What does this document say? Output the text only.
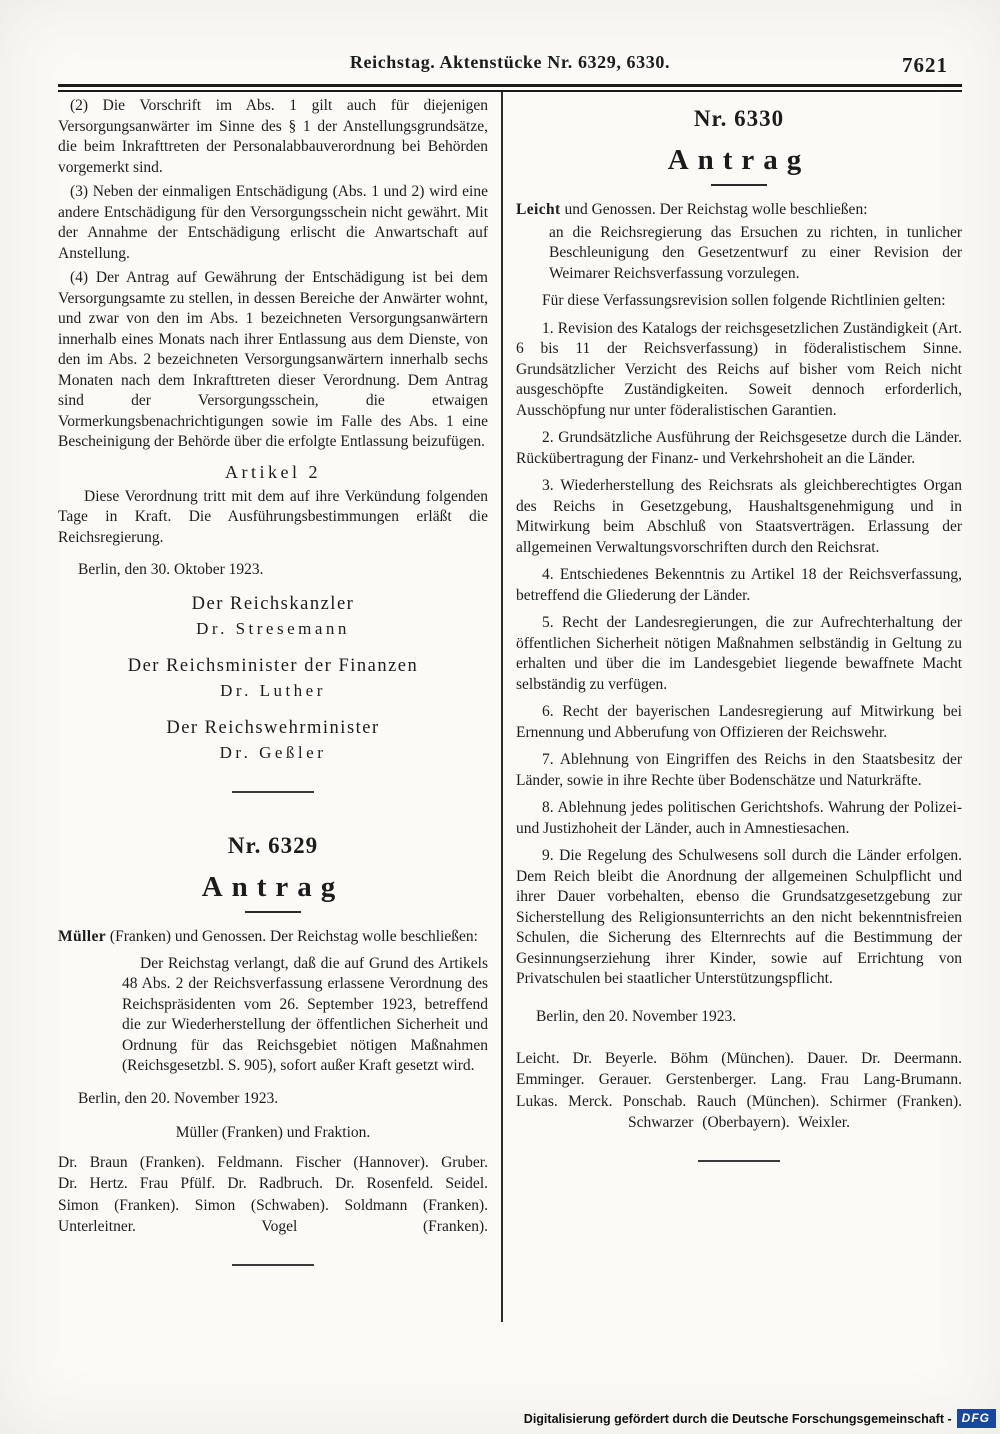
Reichstag. Aktenstücke Nr. 6329, 6330.	7621

(2) Die Vorschrift im Abs. 1 gilt auch für diejenigen Versorgungsanwärter im Sinne des § 1 der Anstellungsgrundsätze, die beim Inkrafttreten der Personalabbauverordnung bei Behörden vorgemerkt sind.

(3) Neben der einmaligen Entschädigung (Abs. 1 und 2) wird eine andere Entschädigung für den Versorgungsschein nicht gewährt. Mit der Annahme der Entschädigung erlischt die Anwartschaft auf Anstellung.

(4) Der Antrag auf Gewährung der Entschädigung ist bei dem Versorgungsamte zu stellen, in dessen Bereiche der Anwärter wohnt, und zwar von den im Abs. 1 bezeichneten Versorgungsanwärtern innerhalb eines Monats nach ihrer Entlassung aus dem Dienste, von den im Abs. 2 bezeichneten Versorgungsanwärtern innerhalb sechs Monaten nach dem Inkrafttreten dieser Verordnung. Dem Antrag sind der Versorgungsschein, die etwaigen Vormerkungsbenachrichtigungen sowie im Falle des Abs. 1 eine Bescheinigung der Behörde über die erfolgte Entlassung beizufügen.

Artikel 2

Diese Verordnung tritt mit dem auf ihre Verkündung folgenden Tage in Kraft. Die Ausführungsbestimmungen erläßt die Reichsregierung.

Berlin, den 30. Oktober 1923.

Der Reichskanzler
Dr. Stresemann
Der Reichsminister der Finanzen
Dr. Luther
Der Reichswehrminister
Dr. Geßler
Nr. 6329
Antrag

Müller (Franken) und Genossen. Der Reichstag wolle beschließen:

Der Reichstag verlangt, daß die auf Grund des Artikels 48 Abs. 2 der Reichsverfassung erlassene Verordnung des Reichspräsidenten vom 26. September 1923, betreffend die zur Wiederherstellung der öffentlichen Sicherheit und Ordnung für das Reichsgebiet nötigen Maßnahmen (Reichsgesetzbl. S. 905), sofort außer Kraft gesetzt wird.

Berlin, den 20. November 1923.

Müller (Franken) und Fraktion.

Dr. Braun (Franken). Feldmann. Fischer (Hannover). Gruber. Dr. Hertz. Frau Pfülf. Dr. Radbruch. Dr. Rosenfeld. Seidel. Simon (Franken). Simon (Schwaben). Soldmann (Franken). Unterleitner. Vogel (Franken).

Nr. 6330
Antrag

Leicht und Genossen. Der Reichstag wolle beschließen:

an die Reichsregierung das Ersuchen zu richten, in tunlicher Beschleunigung den Gesetzentwurf zu einer Revision der Weimarer Reichsverfassung vorzulegen.

Für diese Verfassungsrevision sollen folgende Richtlinien gelten:

1. Revision des Katalogs der reichsgesetzlichen Zuständigkeit (Art. 6 bis 11 der Reichsverfassung) in föderalistischem Sinne. Grundsätzlicher Verzicht des Reichs auf bisher vom Reich nicht ausgeschöpfte Zuständigkeiten. Soweit dennoch erforderlich, Ausschöpfung nur unter föderalistischen Garantien.

2. Grundsätzliche Ausführung der Reichsgesetze durch die Länder. Rückübertragung der Finanz- und Verkehrshoheit an die Länder.

3. Wiederherstellung des Reichsrats als gleichberechtigtes Organ des Reichs in Gesetzgebung, Haushaltsgenehmigung und in Mitwirkung beim Abschluß von Staatsverträgen. Erlassung der allgemeinen Verwaltungsvorschriften durch den Reichsrat.

4. Entschiedenes Bekenntnis zu Artikel 18 der Reichsverfassung, betreffend die Gliederung der Länder.

5. Recht der Landesregierungen, die zur Aufrechterhaltung der öffentlichen Sicherheit nötigen Maßnahmen selbständig in Geltung zu erhalten und über die im Landesgebiet liegende bewaffnete Macht selbständig zu verfügen.

6. Recht der bayerischen Landesregierung auf Mitwirkung bei Ernennung und Abberufung von Offizieren der Reichswehr.

7. Ablehnung von Eingriffen des Reichs in den Staatsbesitz der Länder, sowie in ihre Rechte über Bodenschätze und Naturkräfte.

8. Ablehnung jedes politischen Gerichtshofs. Wahrung der Polizei- und Justizhoheit der Länder, auch in Amnestiesachen.

9. Die Regelung des Schulwesens soll durch die Länder erfolgen. Dem Reich bleibt die Anordnung der allgemeinen Schulpflicht und ihrer Dauer vorbehalten, ebenso die Grundsatzgesetzgebung zur Sicherstellung des Religionsunterrichts an den nicht bekenntnisfreien Schulen, die Sicherung des Elternrechts auf die Bestimmung der Gesinnungserziehung ihrer Kinder, sowie auf Errichtung von Privatschulen bei staatlicher Unterstützungspflicht.

Berlin, den 20. November 1923.

Leicht. Dr. Beyerle. Böhm (München). Dauer. Dr. Deermann. Emminger. Gerauer. Gerstenberger. Lang. Frau Lang-Brumann. Lukas. Merck. Ponschab. Rauch (München). Schirmer (Franken). Schwarzer (Oberbayern). Weixler.

Digitalisierung gefördert durch die Deutsche Forschungsgemeinschaft - DFG
